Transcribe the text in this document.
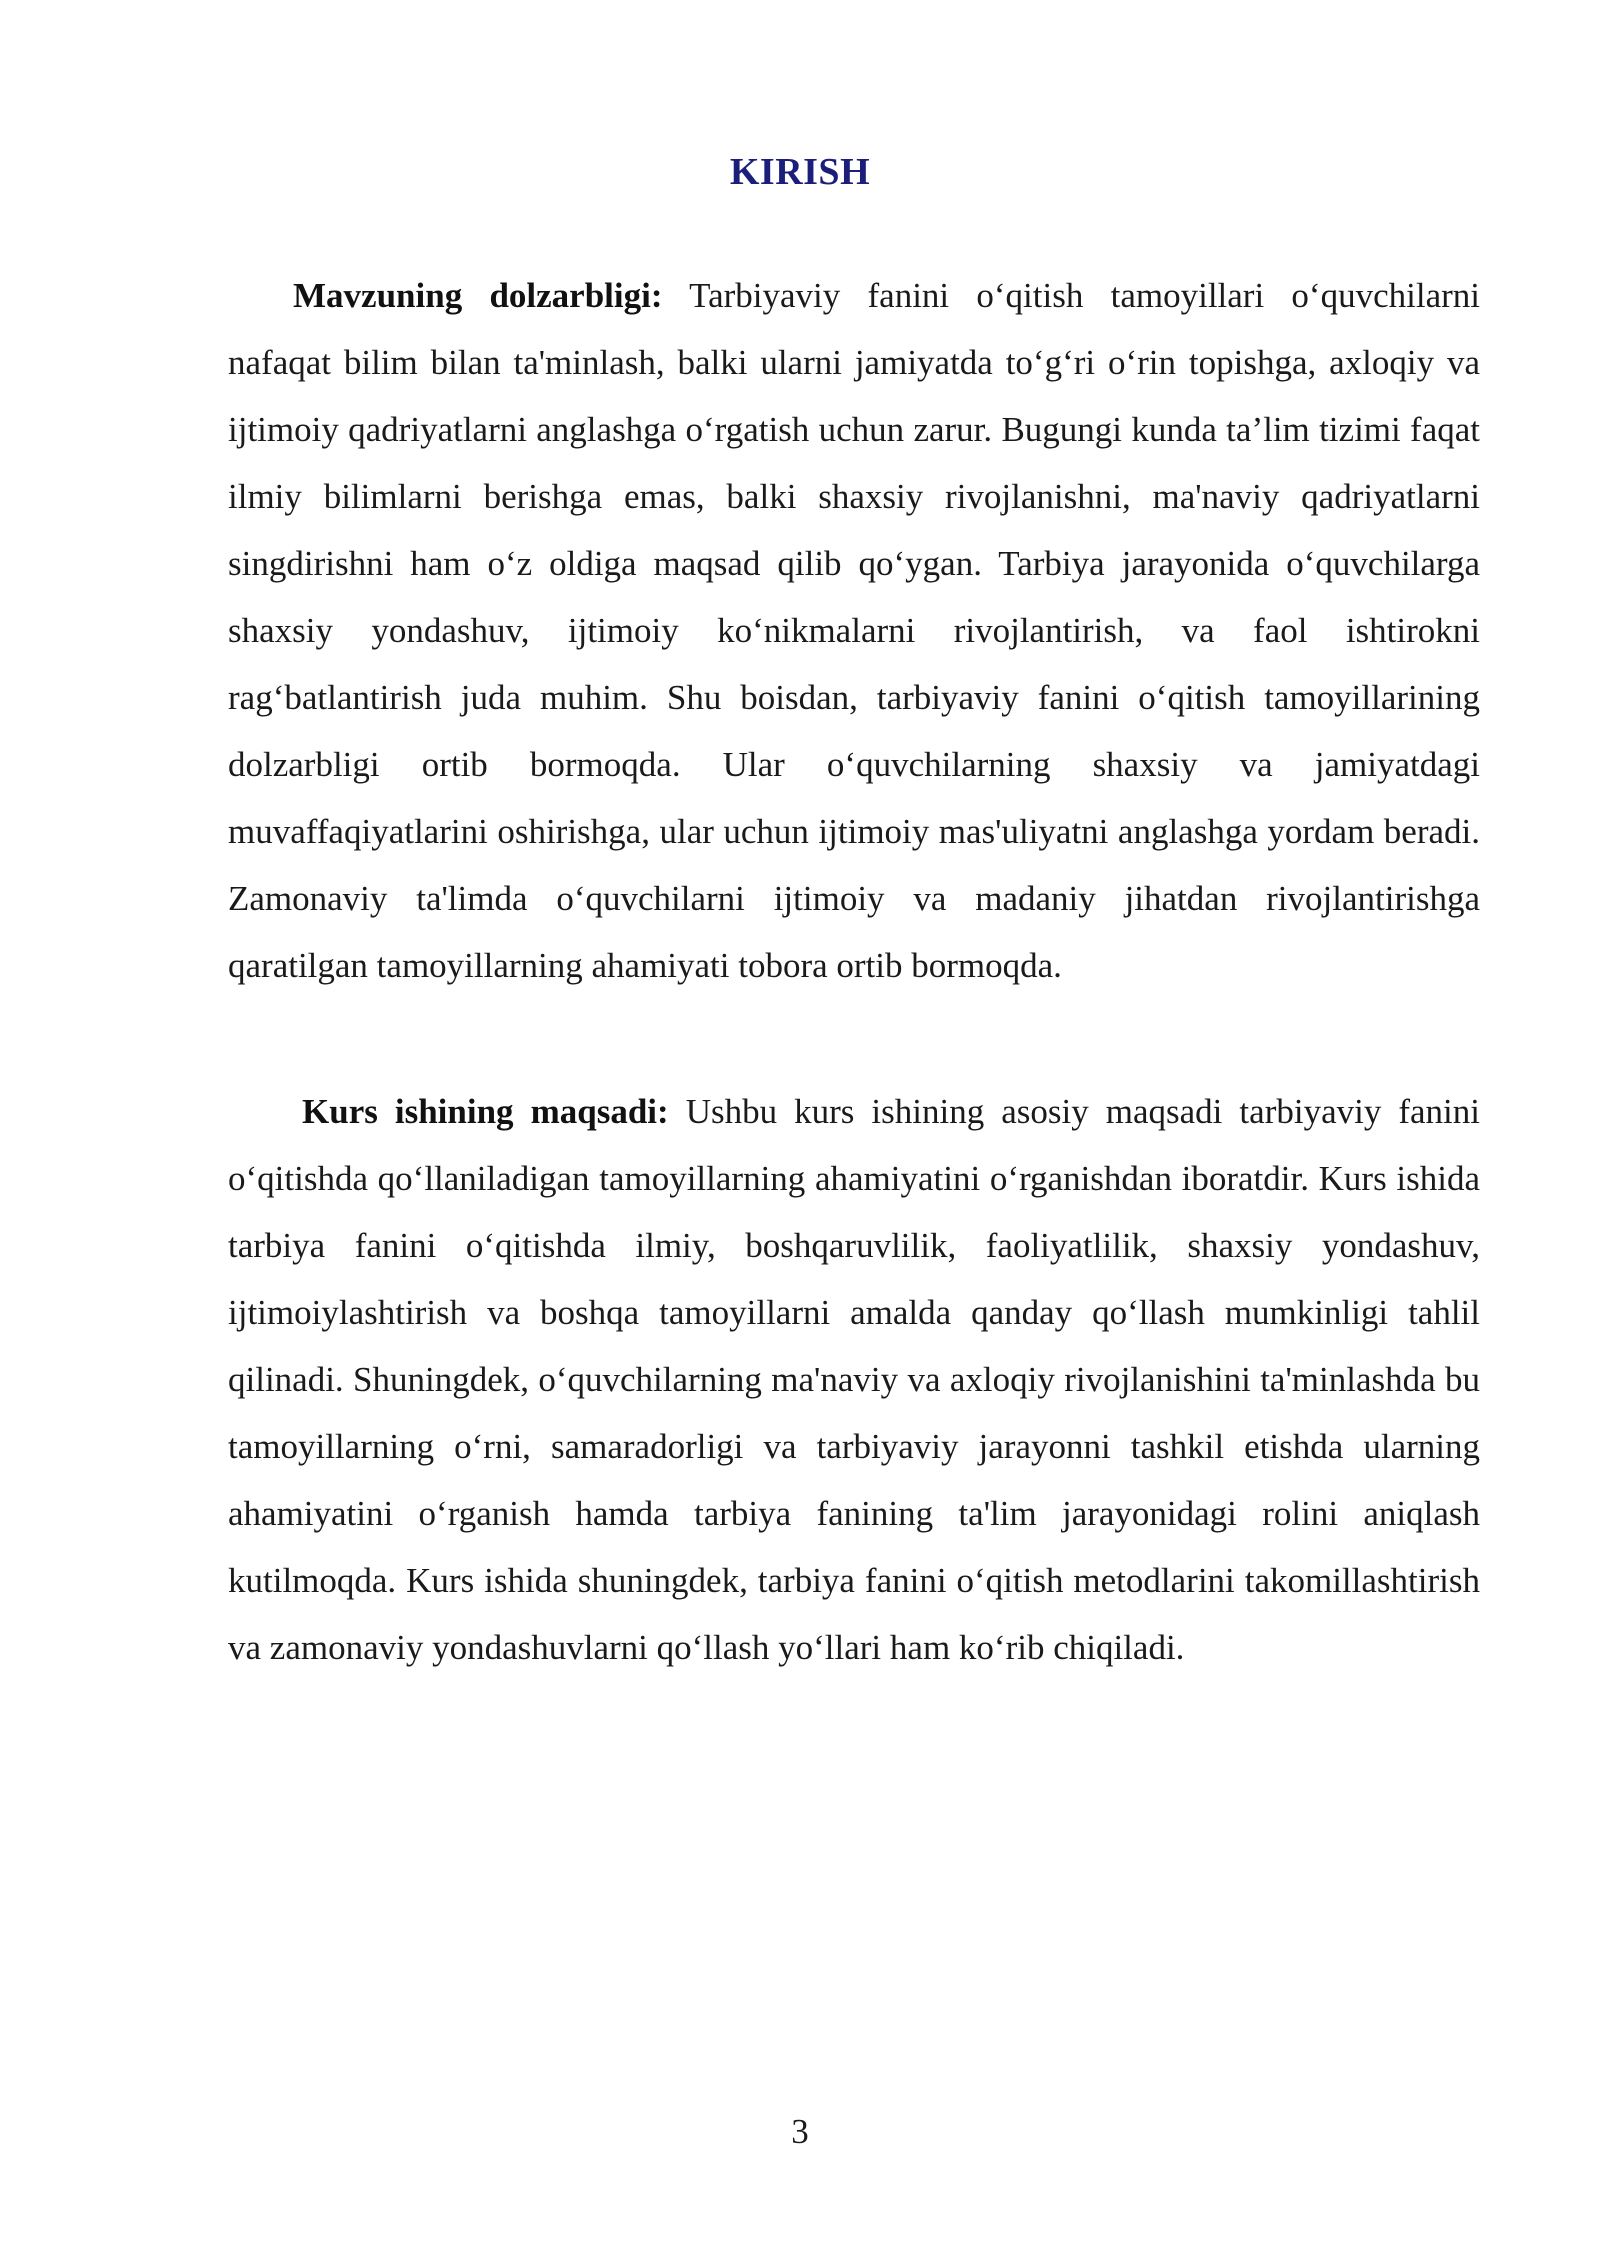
KIRISH

Mavzuning dolzarbligi: Tarbiyaviy fanini o‘qitish tamoyillari o‘quvchilarni nafaqat bilim bilan ta'minlash, balki ularni jamiyatda to‘g‘ri o‘rin topishga, axloqiy va ijtimoiy qadriyatlarni anglashga o‘rgatish uchun zarur. Bugungi kunda ta’lim tizimi faqat ilmiy bilimlarni berishga emas, balki shaxsiy rivojlanishni, ma'naviy qadriyatlarni singdirishni ham o‘z oldiga maqsad qilib qo‘ygan. Tarbiya jarayonida o‘quvchilarga shaxsiy yondashuv, ijtimoiy ko‘nikmalarni rivojlantirish, va faol ishtirokni rag‘batlantirish juda muhim. Shu boisdan, tarbiyaviy fanini o‘qitish tamoyillarining dolzarbligi ortib bormoqda. Ular o‘quvchilarning shaxsiy va jamiyatdagi muvaffaqiyatlarini oshirishga, ular uchun ijtimoiy mas'uliyatni anglashga yordam beradi. Zamonaviy ta'limda o‘quvchilarni ijtimoiy va madaniy jihatdan rivojlantirishga qaratilgan tamoyillarning ahamiyati tobora ortib bormoqda.

Kurs ishining maqsadi: Ushbu kurs ishining asosiy maqsadi tarbiyaviy fanini o‘qitishda qo‘llaniladigan tamoyillarning ahamiyatini o‘rganishdan iboratdir. Kurs ishida tarbiya fanini o‘qitishda ilmiy, boshqaruvlilik, faoliyatlilik, shaxsiy yondashuv, ijtimoiylashtirish va boshqa tamoyillarni amalda qanday qo‘llash mumkinligi tahlil qilinadi. Shuningdek, o‘quvchilarning ma'naviy va axloqiy rivojlanishini ta'minlashda bu tamoyillarning o‘rni, samaradorligi va tarbiyaviy jarayonni tashkil etishda ularning ahamiyatini o‘rganish hamda tarbiya fanining ta'lim jarayonidagi rolini aniqlash kutilmoqda. Kurs ishida shuningdek, tarbiya fanini o‘qitish metodlarini takomillashtirish va zamonaviy yondashuvlarni qo‘llash yo‘llari ham ko‘rib chiqiladi.

3
